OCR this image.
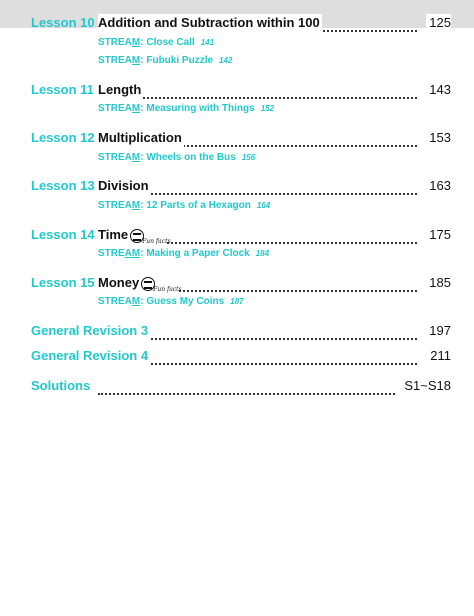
Lesson 10 Addition and Subtraction within 100	125
STREAM: Close Call 141
STREAM: Fubuki Puzzle 142
Lesson 11 Length	143
STREAM: Measuring with Things 152
Lesson 12 Multiplication	153
STREAM: Wheels on the Bus 156
Lesson 13 Division	163
STREAM: 12 Parts of a Hexagon 164
Lesson 14 Time Fun facts	175
STREAM: Making a Paper Clock 184
Lesson 15 Money Fun facts	185
STREAM: Guess My Coins 187
General Revision 3	197
General Revision 4	211
Solutions	S1~S18
